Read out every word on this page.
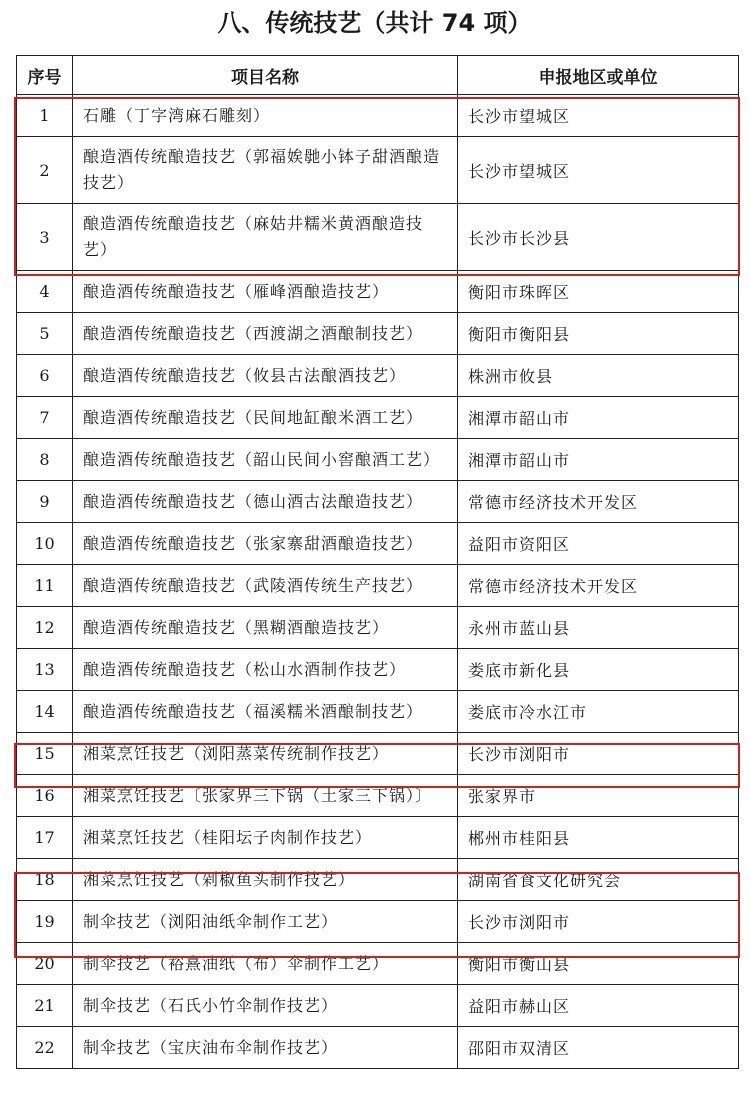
八、传统技艺（共计 74 项）
序号	项目名称	申报地区或单位
1	石雕（丁字湾麻石雕刻）	长沙市望城区
2	酿造酒传统酿造技艺（郭福娭毑小钵子甜酒酿造技艺）	长沙市望城区
3	酿造酒传统酿造技艺（麻姑井糯米黄酒酿造技艺）	长沙市长沙县
4	酿造酒传统酿造技艺（雁峰酒酿造技艺）	衡阳市珠晖区
5	酿造酒传统酿造技艺（西渡湖之酒酿制技艺）	衡阳市衡阳县
6	酿造酒传统酿造技艺（攸县古法酿酒技艺）	株洲市攸县
7	酿造酒传统酿造技艺（民间地缸酿米酒工艺）	湘潭市韶山市
8	酿造酒传统酿造技艺（韶山民间小窖酿酒工艺）	湘潭市韶山市
9	酿造酒传统酿造技艺（德山酒古法酿造技艺）	常德市经济技术开发区
10	酿造酒传统酿造技艺（张家寨甜酒酿造技艺）	益阳市资阳区
11	酿造酒传统酿造技艺（武陵酒传统生产技艺）	常德市经济技术开发区
12	酿造酒传统酿造技艺（黑糊酒酿造技艺）	永州市蓝山县
13	酿造酒传统酿造技艺（松山水酒制作技艺）	娄底市新化县
14	酿造酒传统酿造技艺（福溪糯米酒酿制技艺）	娄底市冷水江市
15	湘菜烹饪技艺（浏阳蒸菜传统制作技艺）	长沙市浏阳市
16	湘菜烹饪技艺〔张家界三下锅（土家三下锅）〕	张家界市
17	湘菜烹饪技艺（桂阳坛子肉制作技艺）	郴州市桂阳县
18	湘菜烹饪技艺（剁椒鱼头制作技艺）	湖南省食文化研究会
19	制伞技艺（浏阳油纸伞制作工艺）	长沙市浏阳市
20	制伞技艺（裕熹油纸（布）伞制作工艺）	衡阳市衡山县
21	制伞技艺（石氏小竹伞制作技艺）	益阳市赫山区
22	制伞技艺（宝庆油布伞制作技艺）	邵阳市双清区
